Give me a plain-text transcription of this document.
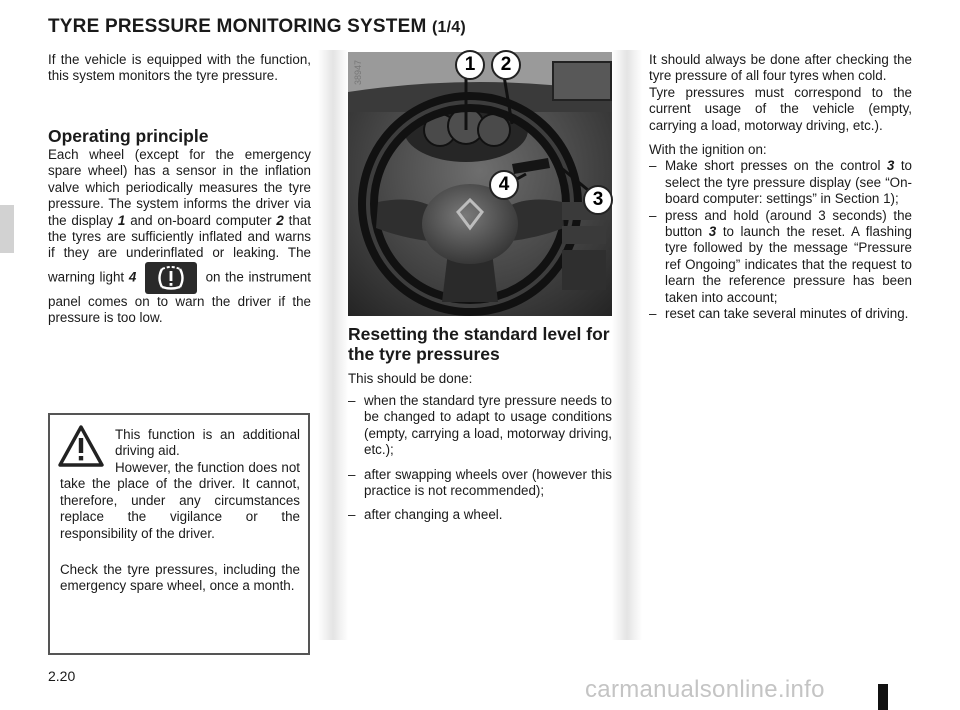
TYRE PRESSURE MONITORING SYSTEM (1/4)
If the vehicle is equipped with the function, this system monitors the tyre pressure.
Operating principle
Each wheel (except for the emergency spare wheel) has a sensor in the inflation valve which periodically measures the tyre pressure. The system informs the driver via the display 1 and on-board computer 2 that the tyres are sufficiently inflated and warns if they are underinflated or leaking. The warning light 4	on the instrument panel comes on to warn the driver if the pressure is too low.
This function is an additional driving aid.
However, the function does not take the place of the driver. It cannot, therefore, under any circumstances replace the vigilance or the responsibility of the driver.
Check the tyre pressures, including the emergency spare wheel, once a month.
38947	1	2
3
4
Resetting the standard level for the tyre pressures
This should be done:
– when the standard tyre pressure needs to be changed to adapt to usage conditions (empty, carrying a load, motorway driving, etc.);
– after swapping wheels over (however this practice is not recommended);
– after changing a wheel.
It should always be done after checking the tyre pressure of all four tyres when cold.
Tyre pressures must correspond to the current usage of the vehicle (empty, carrying a load, motorway driving, etc.).
With the ignition on:
– Make short presses on the control 3 to select the tyre pressure display (see “On-board computer: settings” in Section 1);
– press and hold (around 3 seconds) the button 3 to launch the reset. A flashing tyre followed by the message “Pressure ref Ongoing” indicates that the request to learn the reference pressure has been taken into account;
– reset can take several minutes of driving.
2.20	carmanualsonline.info
